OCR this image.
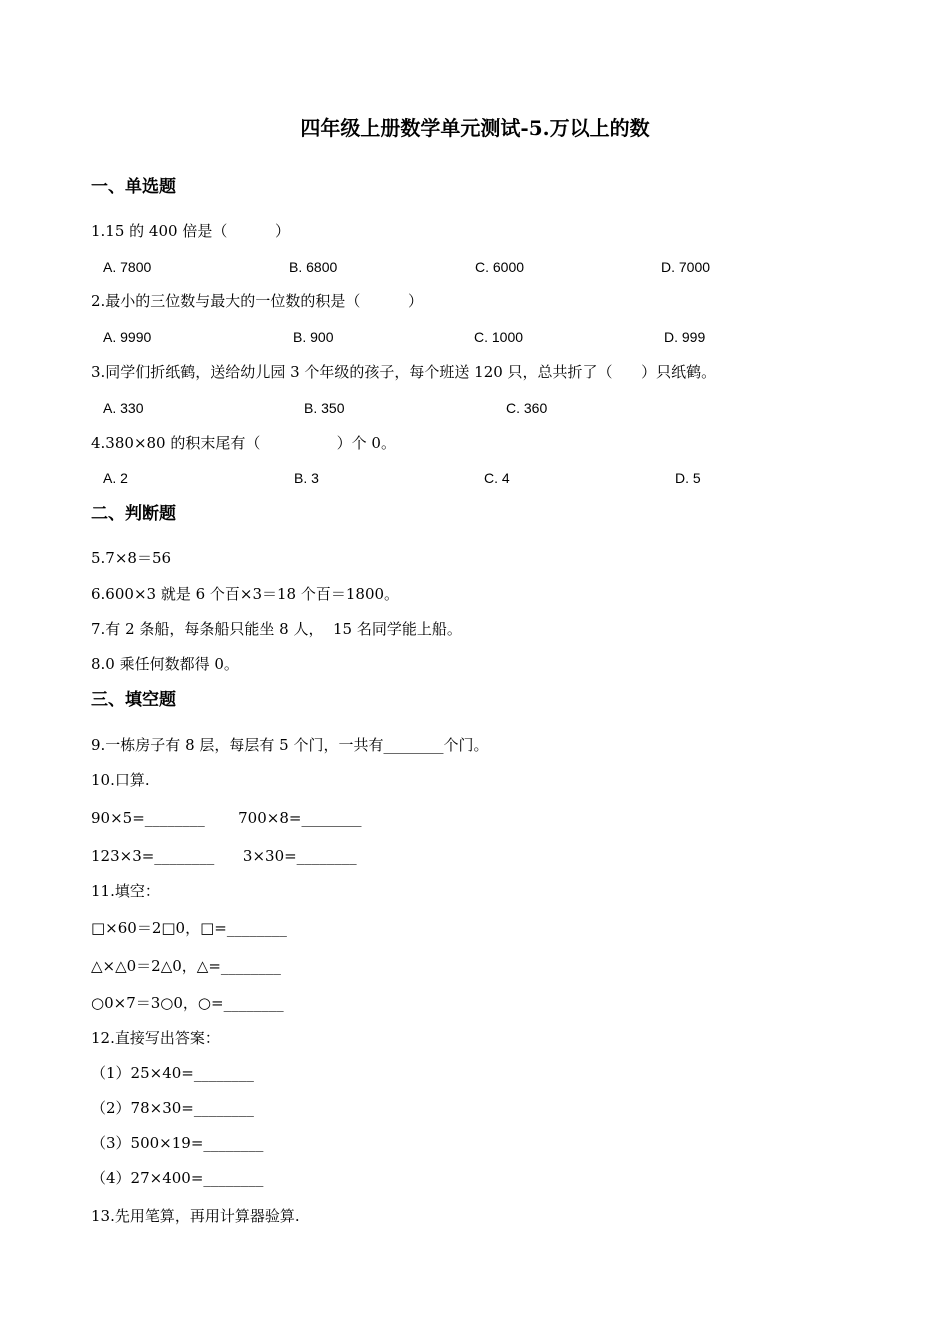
四年级上册数学单元测试-5.万以上的数
一、单选题
1.15 的 400 倍是（          ）
A. 7800	B. 6800	C. 6000	D. 7000
2.最小的三位数与最大的一位数的积是（          ）
A. 9990	B. 900	C. 1000	D. 999
3.同学们折纸鹤，送给幼儿园 3 个年级的孩子，每个班送 120 只，总共折了（      ）只纸鹤。
A. 330	B. 350	C. 360
4.380×80 的积末尾有（                ）个 0。
A. 2	B. 3	C. 4	D. 5
二、判断题
5.7×8＝56
6.600×3 就是 6 个百×3＝18 个百＝1800。
7.有 2 条船，每条船只能坐 8 人，  15 名同学能上船。
8.0 乘任何数都得 0。
三、填空题
9.一栋房子有 8 层，每层有 5 个门，一共有________个门。
10.口算.
90×5=________       700×8=________
123×3=________      3×30=________
11.填空：
□×60＝2□0，□=________
△×△0＝2△0，△=________
○0×7＝3○0，○=________
12.直接写出答案：
（1）25×40=________
（2）78×30=________
（3）500×19=________
（4）27×400=________
13.先用笔算，再用计算器验算.
